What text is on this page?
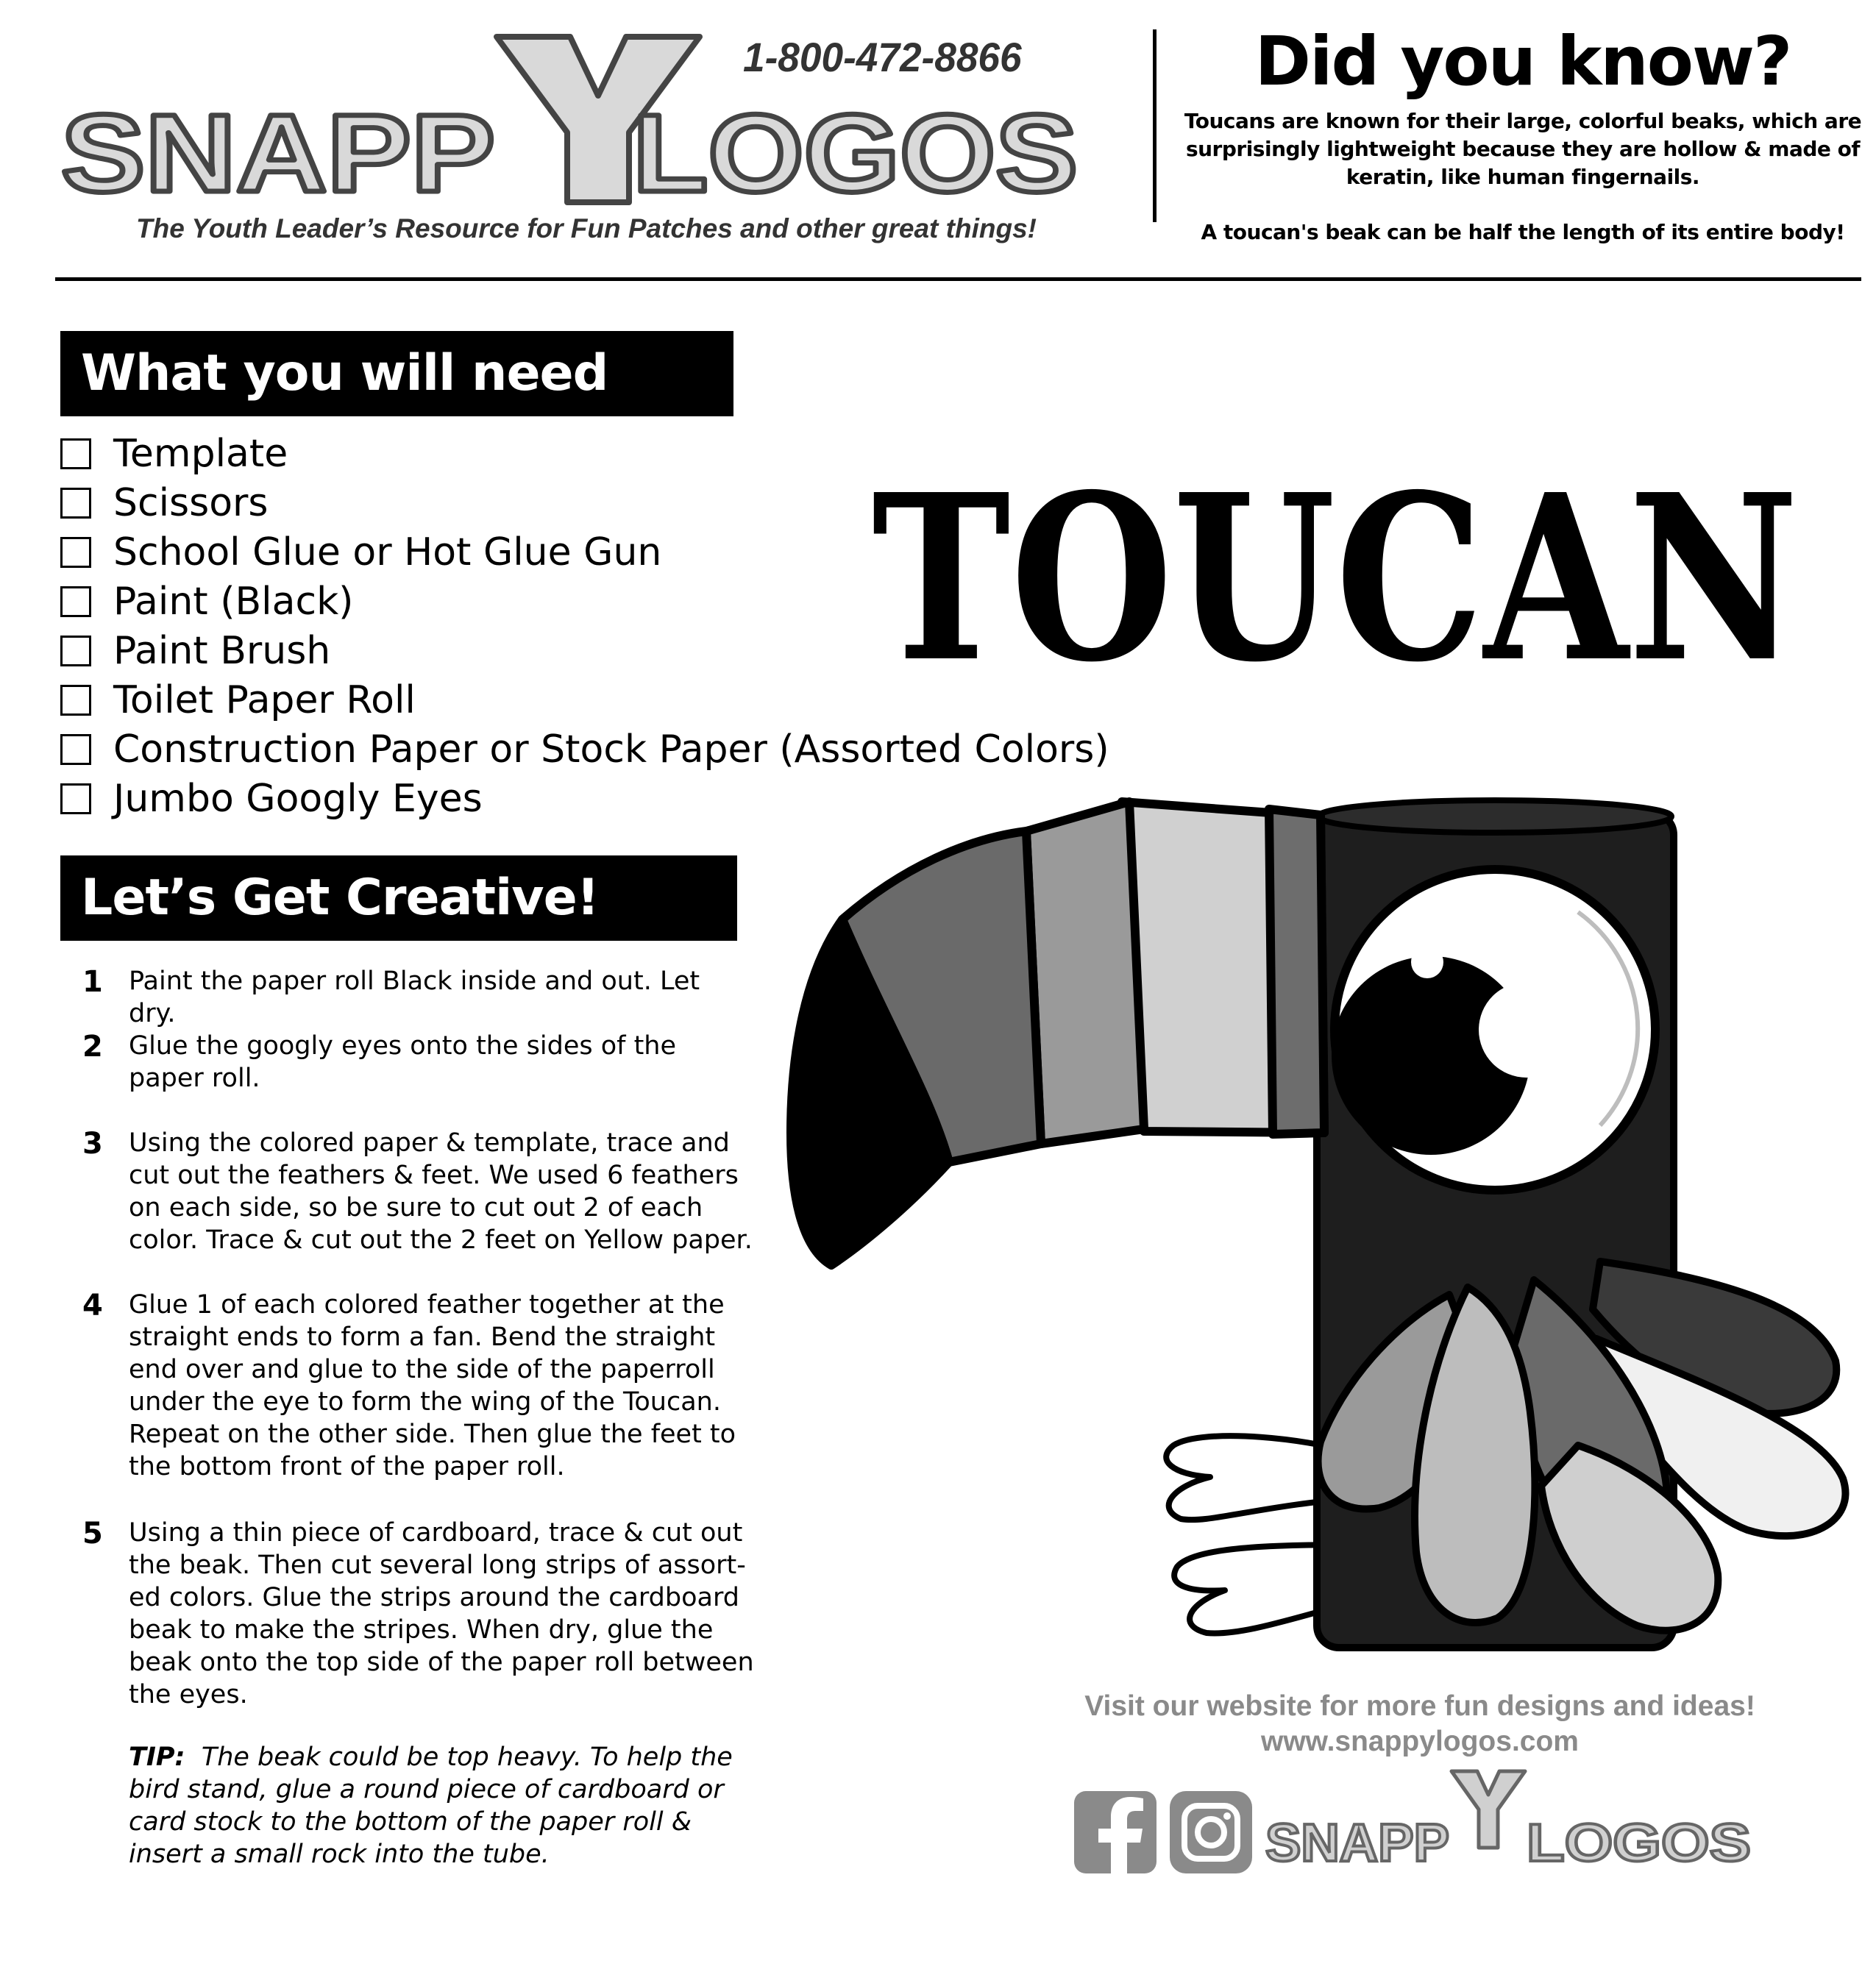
SNAPP LOGOS
1-800-472-8866
The Youth Leader’s Resource for Fun Patches and other great things!
Did you know?
Toucans are known for their large, colorful beaks, which are surprisingly lightweight because they are hollow & made of keratin, like human fingernails.
A toucan's beak can be half the length of its entire body!
What you will need
Template
Scissors
School Glue or Hot Glue Gun
Paint (Black)
Paint Brush
Toilet Paper Roll
Construction Paper or Stock Paper (Assorted Colors)
Jumbo Googly Eyes
Let’s Get Creative!
1 Paint the paper roll Black inside and out. Let dry.
2 Glue the googly eyes onto the sides of the paper roll.
3 Using the colored paper & template, trace and cut out the feathers & feet. We used 6 feathers on each side, so be sure to cut out 2 of each color. Trace & cut out the 2 feet on Yellow paper.
4 Glue 1 of each colored feather together at the straight ends to form a fan. Bend the straight end over and glue to the side of the paperroll under the eye to form the wing of the Toucan. Repeat on the other side. Then glue the feet to the bottom front of the paper roll.
5 Using a thin piece of cardboard, trace & cut out the beak. Then cut several long strips of assort-ed colors. Glue the strips around the cardboard beak to make the stripes. When dry, glue the beak onto the top side of the paper roll between the eyes.
TIP: The beak could be top heavy. To help the bird stand, glue a round piece of cardboard or card stock to the bottom of the paper roll & insert a small rock into the tube.
TOUCAN
Visit our website for more fun designs and ideas!
www.snappylogos.com
SNAPP LOGOS
